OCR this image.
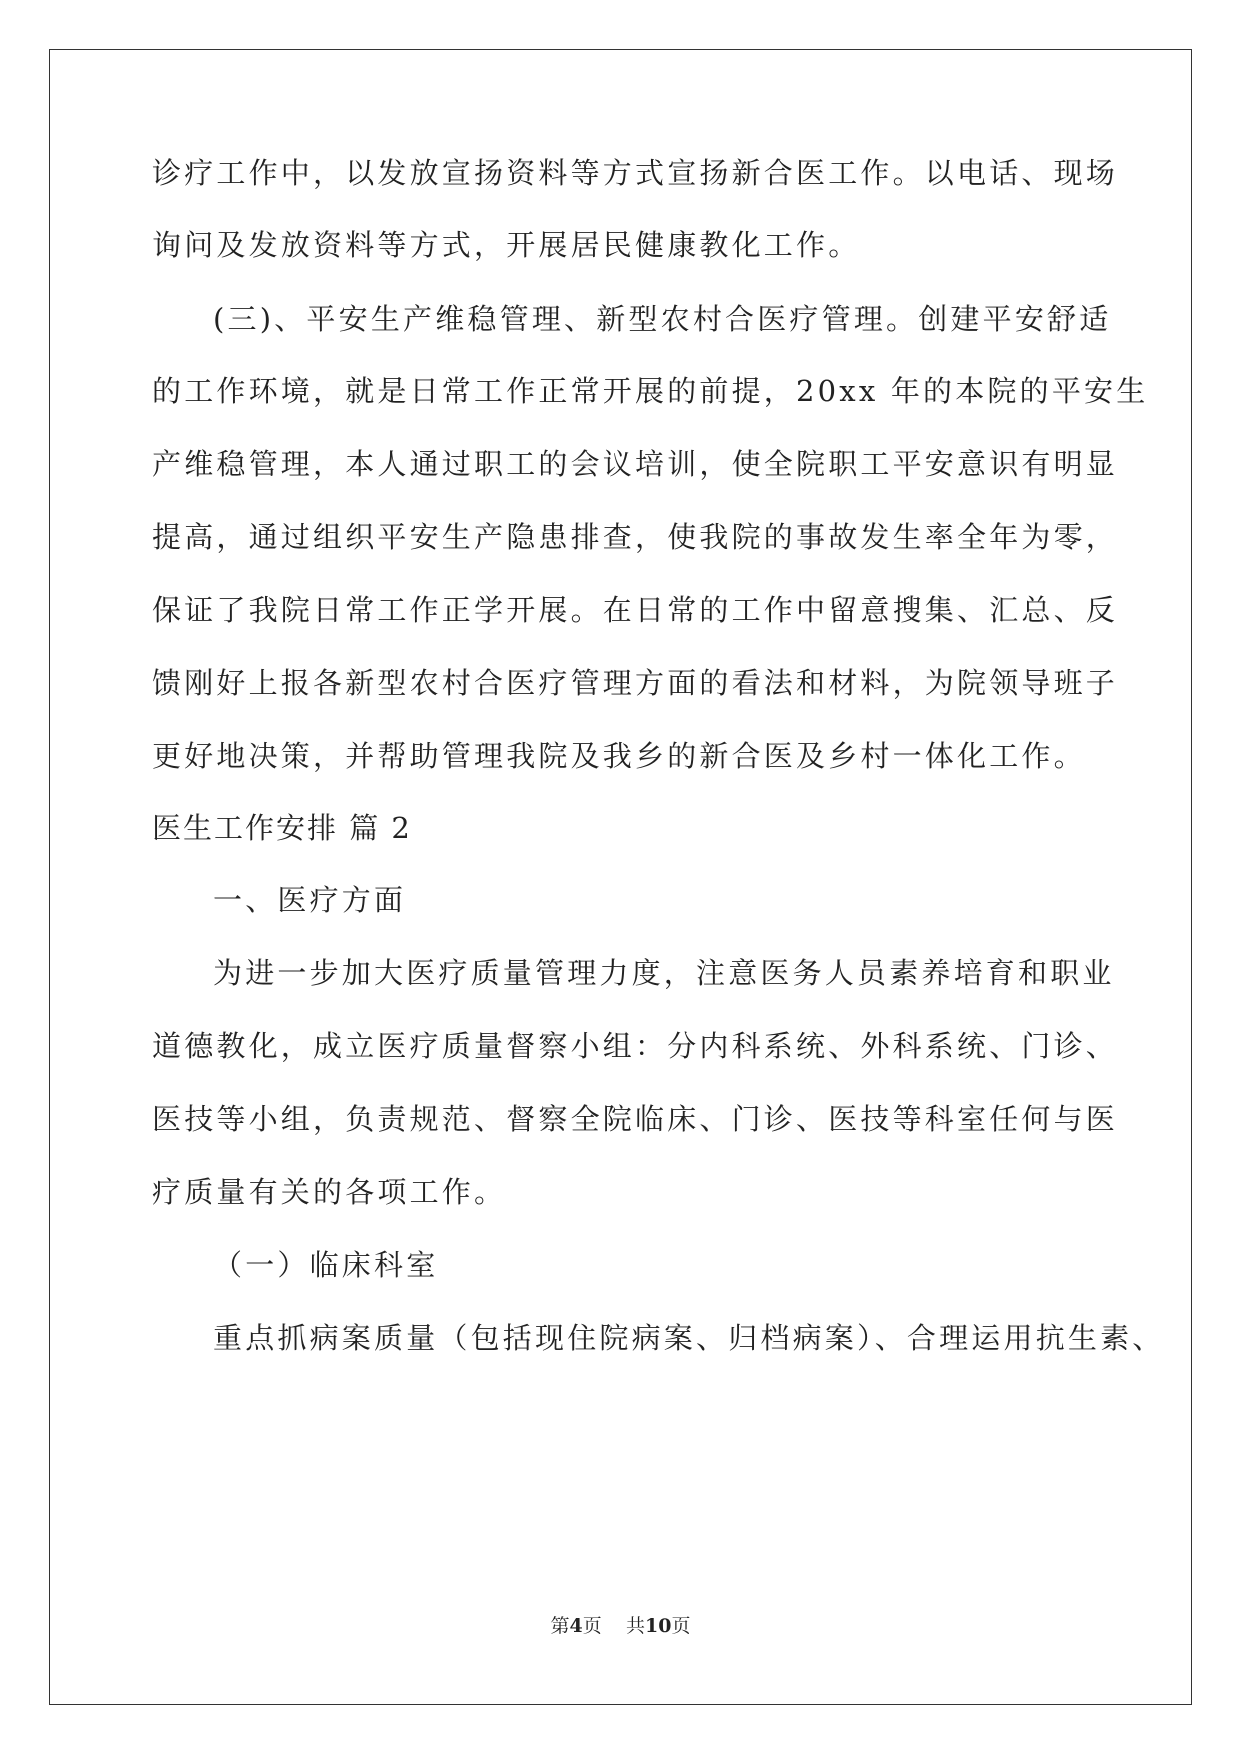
诊疗工作中，以发放宣扬资料等方式宣扬新合医工作。以电话、现场
询问及发放资料等方式，开展居民健康教化工作。
(三)、平安生产维稳管理、新型农村合医疗管理。创建平安舒适
的工作环境，就是日常工作正常开展的前提，20xx 年的本院的平安生
产维稳管理，本人通过职工的会议培训，使全院职工平安意识有明显
提高，通过组织平安生产隐患排查，使我院的事故发生率全年为零，
保证了我院日常工作正学开展。在日常的工作中留意搜集、汇总、反
馈刚好上报各新型农村合医疗管理方面的看法和材料，为院领导班子
更好地决策，并帮助管理我院及我乡的新合医及乡村一体化工作。
医生工作安排 篇 2
一、医疗方面
为进一步加大医疗质量管理力度，注意医务人员素养培育和职业
道德教化，成立医疗质量督察小组：分内科系统、外科系统、门诊、
医技等小组，负责规范、督察全院临床、门诊、医技等科室任何与医
疗质量有关的各项工作。
（一）临床科室
重点抓病案质量（包括现住院病案、归档病案）、合理运用抗生素、
第4页 共10页
